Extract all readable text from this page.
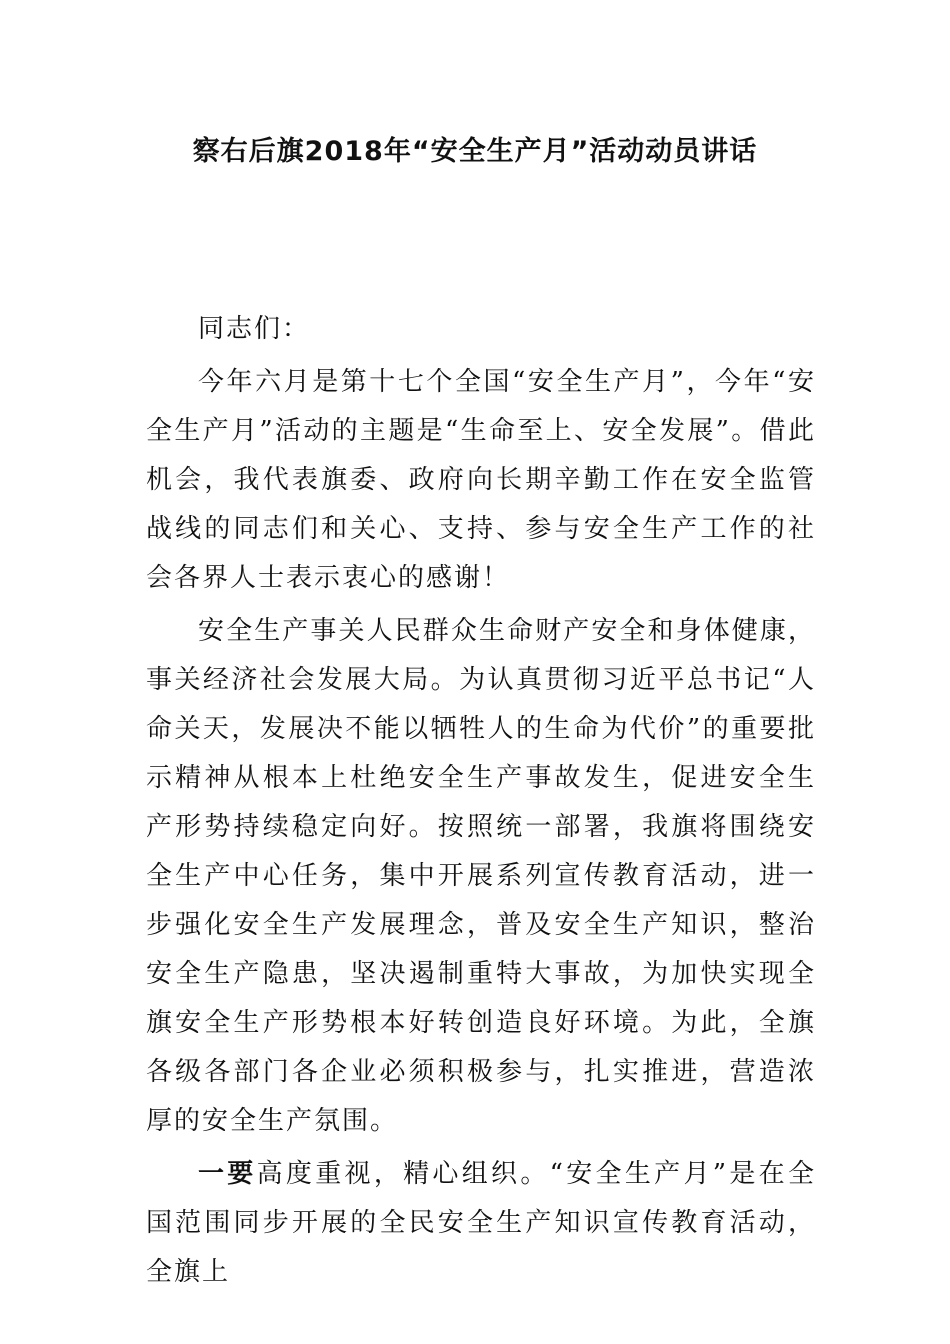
察右后旗2018年“安全生产月”活动动员讲话

同志们：

今年六月是第十七个全国“安全生产月”，今年“安全生产月”活动的主题是“生命至上、安全发展”。借此机会，我代表旗委、政府向长期辛勤工作在安全监管战线的同志们和关心、支持、参与安全生产工作的社会各界人士表示衷心的感谢！

安全生产事关人民群众生命财产安全和身体健康，事关经济社会发展大局。为认真贯彻习近平总书记“人命关天，发展决不能以牺牲人的生命为代价”的重要批示精神从根本上杜绝安全生产事故发生，促进安全生产形势持续稳定向好。按照统一部署，我旗将围绕安全生产中心任务，集中开展系列宣传教育活动，进一步强化安全生产发展理念，普及安全生产知识，整治安全生产隐患，坚决遏制重特大事故，为加快实现全旗安全生产形势根本好转创造良好环境。为此，全旗各级各部门各企业必须积极参与，扎实推进，营造浓厚的安全生产氛围。

一要高度重视，精心组织。“安全生产月”是在全国范围同步开展的全民安全生产知识宣传教育活动，全旗上
